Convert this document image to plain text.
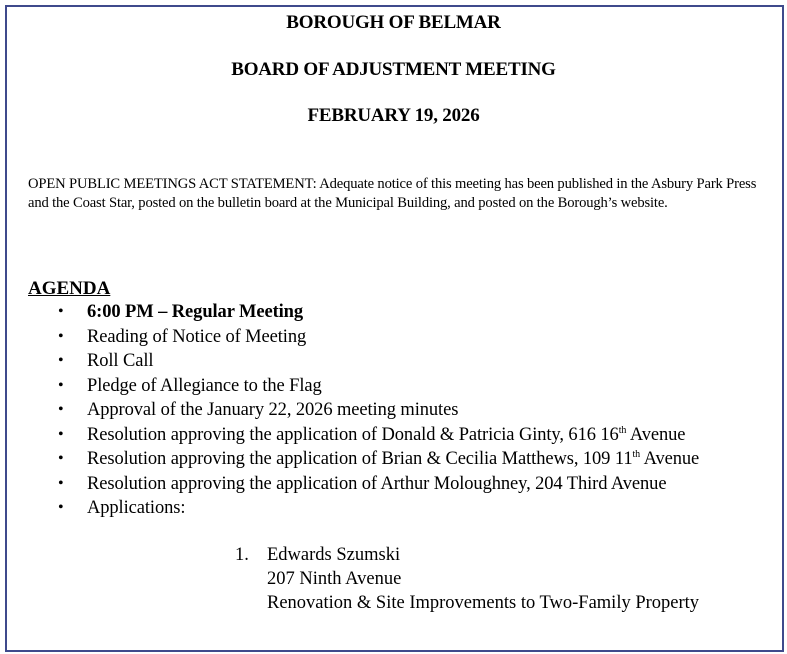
BOROUGH OF BELMAR
BOARD OF ADJUSTMENT MEETING
FEBRUARY 19, 2026
OPEN PUBLIC MEETINGS ACT STATEMENT: Adequate notice of this meeting has been published in the Asbury Park Press and the Coast Star, posted on the bulletin board at the Municipal Building, and posted on the Borough’s website.
AGENDA
• 6:00 PM – Regular Meeting
• Reading of Notice of Meeting
• Roll Call
• Pledge of Allegiance to the Flag
• Approval of the January 22, 2026 meeting minutes
• Resolution approving the application of Donald & Patricia Ginty, 616 16th Avenue
• Resolution approving the application of Brian & Cecilia Matthews, 109 11th Avenue
• Resolution approving the application of Arthur Moloughney, 204 Third Avenue
• Applications:
1. Edwards Szumski
207 Ninth Avenue
Renovation & Site Improvements to Two-Family Property
